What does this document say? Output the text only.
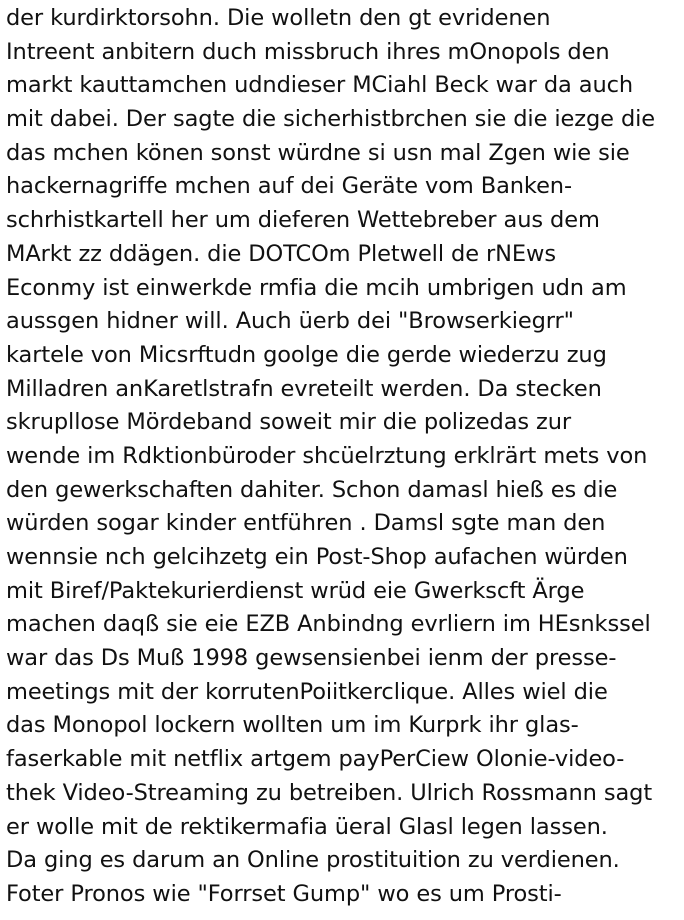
der kurdirktorsohn. Die wolletn den gt evridenen
Intreent anbitern duch missbruch ihres mOnopols den
markt kauttamchen udndieser MCiahl Beck war da auch
mit dabei. Der sagte die sicherhistbrchen sie die iezge die
das mchen könen sonst würdne si usn mal Zgen wie sie
hackernagriffe mchen auf dei Geräte vom Banken-
schrhistkartell her um dieferen Wettebreber aus dem
MArkt zz ddägen. die DOTCOm Pletwell de rNEws
Econmy ist einwerkde rmfia die mcih umbrigen udn am
aussgen hidner will. Auch üerb dei "Browserkiegrr"
kartele von Micsrftudn goolge die gerde wiederzu zug
Milladren anKaretlstrafn evreteilt werden. Da stecken
skrupllose Mördeband soweit mir die polizedas zur
wende im Rdktionbüroder shcüelrztung erklrärt mets von
den gewerkschaften dahiter. Schon damasl hieß es die
würden sogar kinder entführen . Damsl sgte man den
wennsie nch gelcihzetg ein Post-Shop aufachen würden
mit Biref/Paktekurierdienst wrüd eie Gwerkscft Ärge
machen daqß sie eie EZB Anbindng evrliern im HEsnkssel
war das Ds Muß 1998 gewsensienbei ienm der presse-
meetings mit der korrutenPoiitkerclique. Alles wiel die
das Monopol lockern wollten um im Kurprk ihr glas-
faserkable mit netflix artgem payPerCiew Olonie-video-
thek Video-Streaming zu betreiben. Ulrich Rossmann sagt
er wolle mit de rektikermafia üeral Glasl legen lassen.
Da ging es darum an Online prostituition zu verdienen.
Foter Pronos wie "Forrset Gump" wo es um Prosti-
